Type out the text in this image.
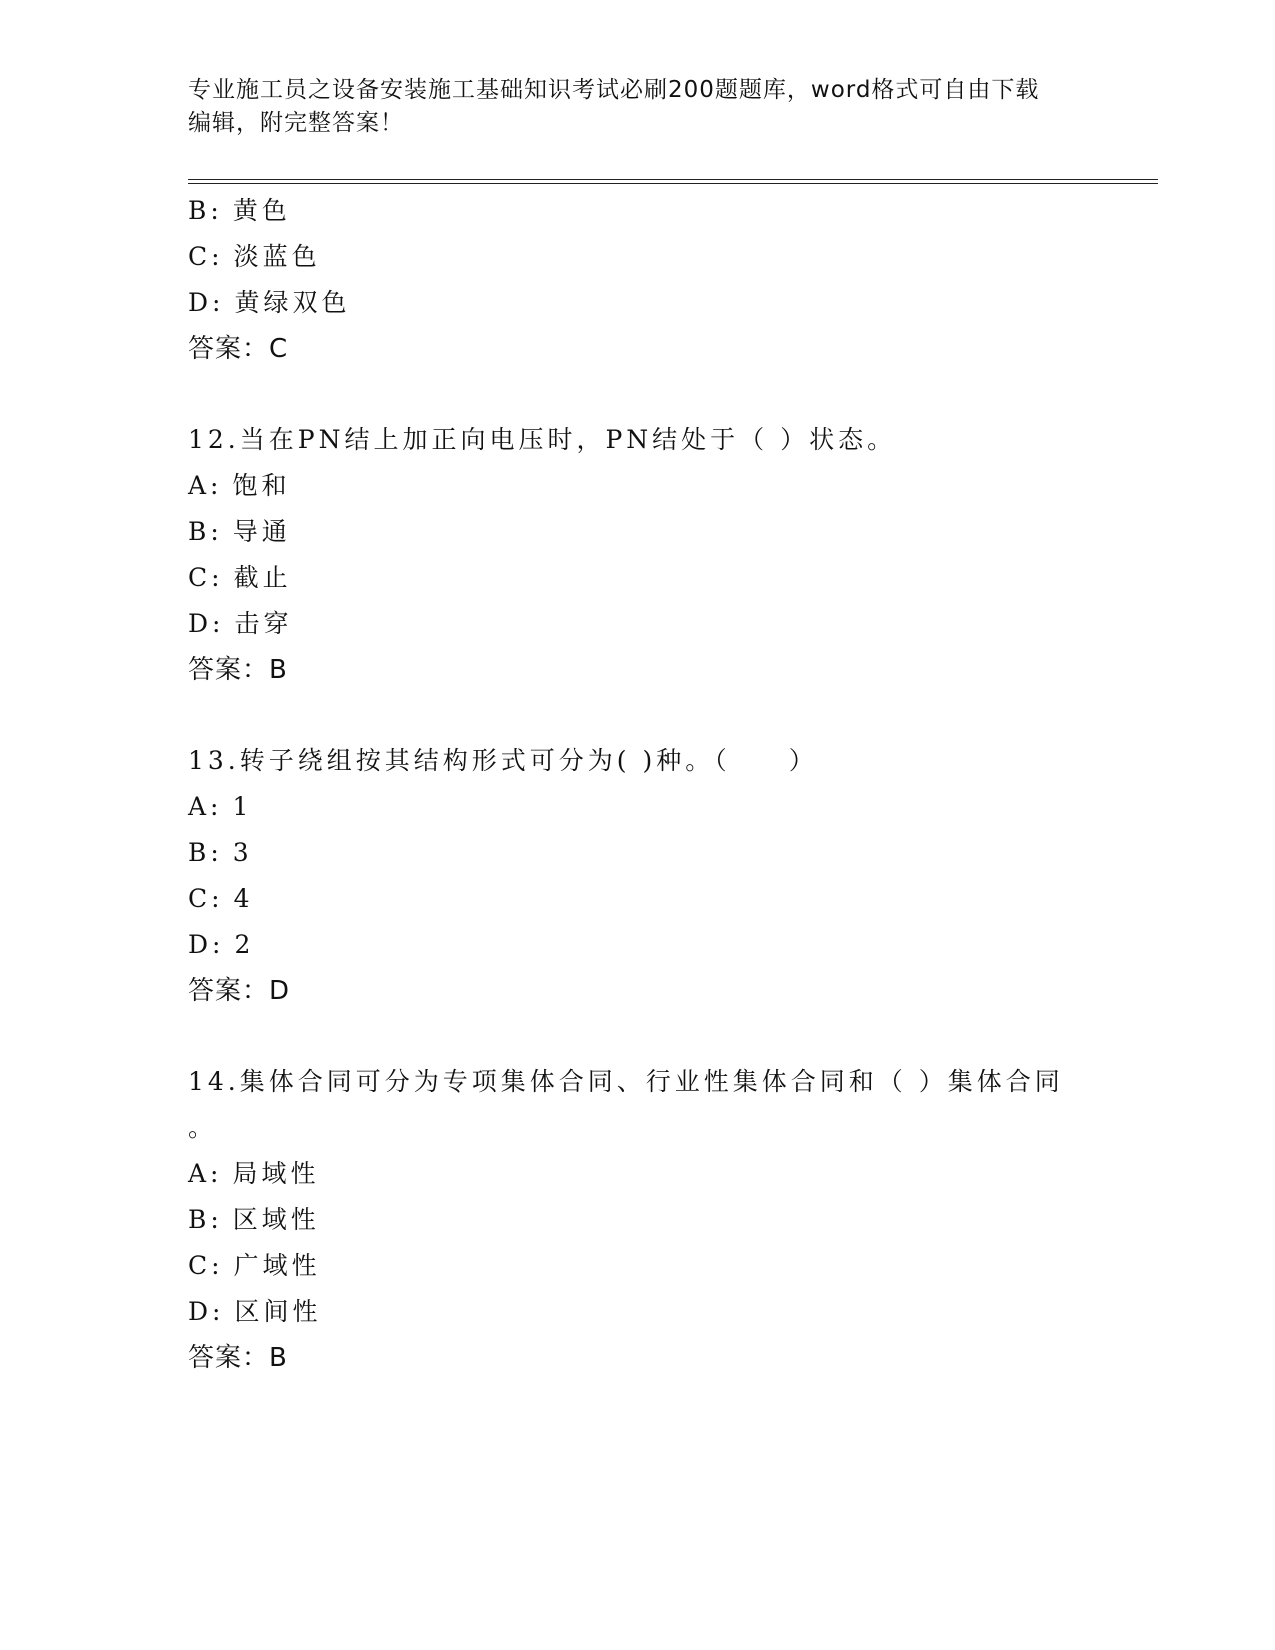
专业施工员之设备安装施工基础知识考试必刷200题题库，word格式可自由下载
编辑，附完整答案！
B: 黄色
C: 淡蓝色
D: 黄绿双色
答案：C
12.当在PN结上加正向电压时，PN结处于（ ）状态。
A: 饱和
B: 导通
C: 截止
D: 击穿
答案：B
13.转子绕组按其结构形式可分为( )种。（　　）
A: 1
B: 3
C: 4
D: 2
答案：D
14.集体合同可分为专项集体合同、行业性集体合同和（ ）集体合同
。
A: 局域性
B: 区域性
C: 广域性
D: 区间性
答案：B
